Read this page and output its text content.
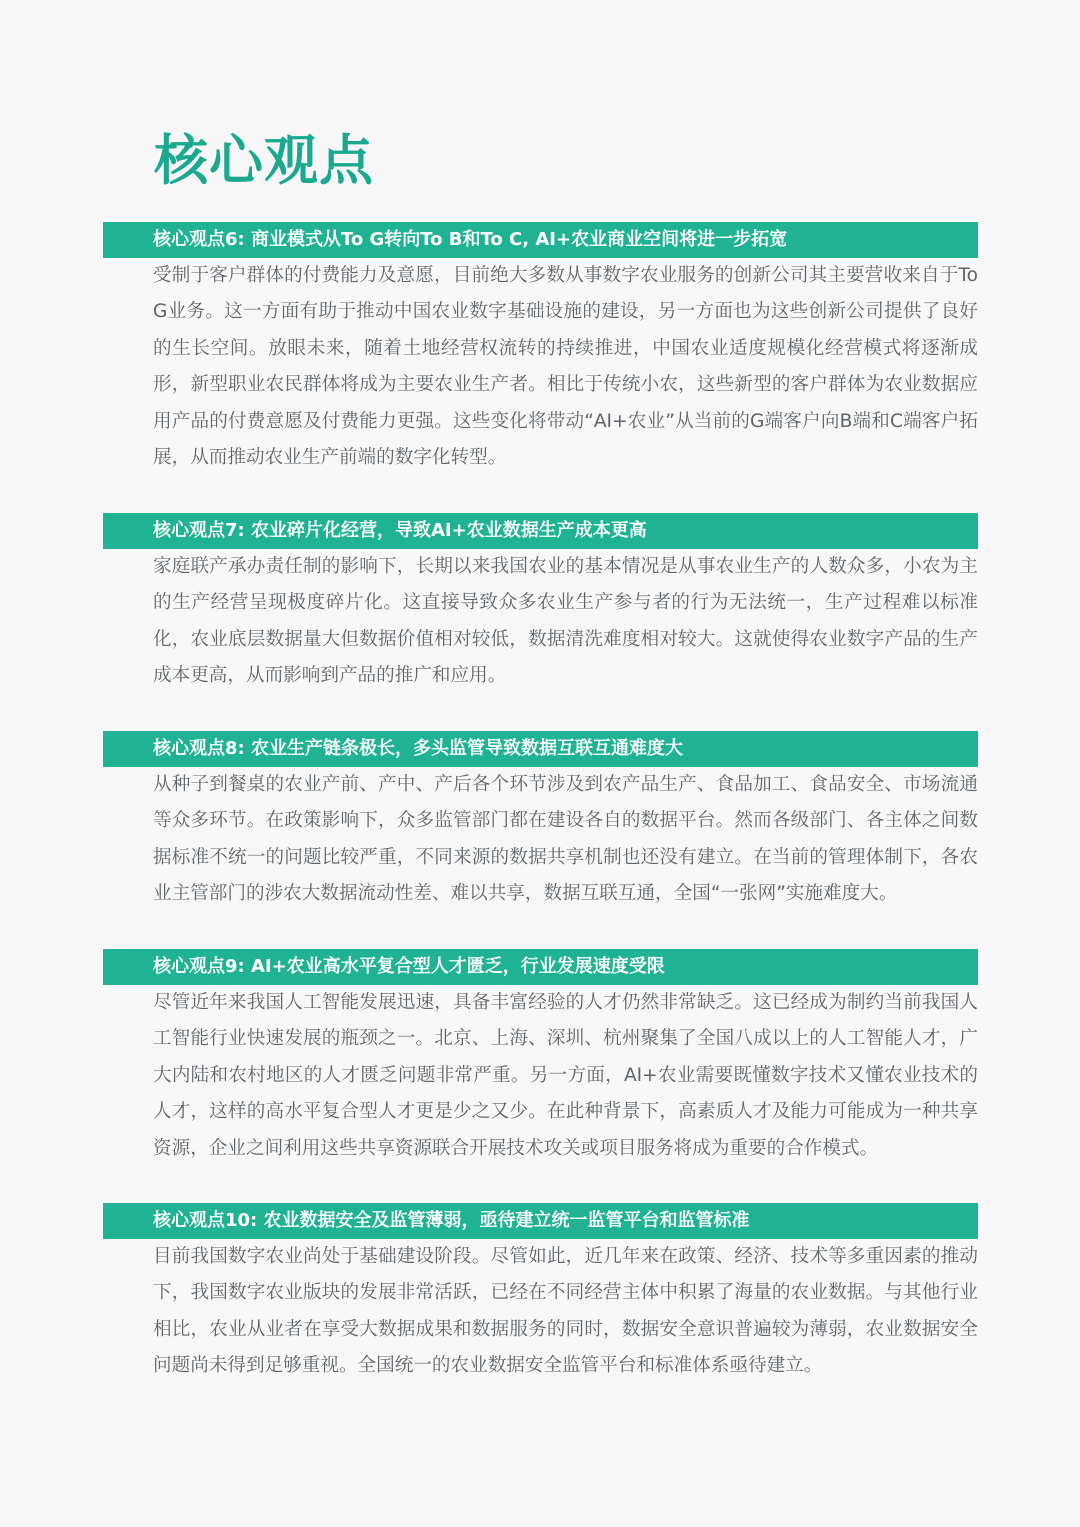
核心观点
核心观点6: 商业模式从To G转向To B和To C, AI+农业商业空间将进一步拓宽

受制于客户群体的付费能力及意愿，目前绝大多数从事数字农业服务的创新公司其主要营收来自于To G业务。这一方面有助于推动中国农业数字基础设施的建设，另一方面也为这些创新公司提供了良好的生长空间。放眼未来，随着土地经营权流转的持续推进，中国农业适度规模化经营模式将逐渐成形，新型职业农民群体将成为主要农业生产者。相比于传统小农，这些新型的客户群体为农业数据应用产品的付费意愿及付费能力更强。这些变化将带动“AI+农业”从当前的G端客户向B端和C端客户拓展，从而推动农业生产前端的数字化转型。

核心观点7: 农业碎片化经营，导致AI+农业数据生产成本更高

家庭联产承办责任制的影响下，长期以来我国农业的基本情况是从事农业生产的人数众多，小农为主的生产经营呈现极度碎片化。这直接导致众多农业生产参与者的行为无法统一，生产过程难以标准化，农业底层数据量大但数据价值相对较低，数据清洗难度相对较大。这就使得农业数字产品的生产成本更高，从而影响到产品的推广和应用。

核心观点8: 农业生产链条极长，多头监管导致数据互联互通难度大

从种子到餐桌的农业产前、产中、产后各个环节涉及到农产品生产、食品加工、食品安全、市场流通等众多环节。在政策影响下，众多监管部门都在建设各自的数据平台。然而各级部门、各主体之间数据标准不统一的问题比较严重，不同来源的数据共享机制也还没有建立。在当前的管理体制下，各农业主管部门的涉农大数据流动性差、难以共享，数据互联互通，全国“一张网”实施难度大。

核心观点9: AI+农业高水平复合型人才匮乏，行业发展速度受限

尽管近年来我国人工智能发展迅速，具备丰富经验的人才仍然非常缺乏。这已经成为制约当前我国人工智能行业快速发展的瓶颈之一。北京、上海、深圳、杭州聚集了全国八成以上的人工智能人才，广大内陆和农村地区的人才匮乏问题非常严重。另一方面，AI+农业需要既懂数字技术又懂农业技术的人才，这样的高水平复合型人才更是少之又少。在此种背景下，高素质人才及能力可能成为一种共享资源，企业之间利用这些共享资源联合开展技术攻关或项目服务将成为重要的合作模式。

核心观点10: 农业数据安全及监管薄弱，亟待建立统一监管平台和监管标准

目前我国数字农业尚处于基础建设阶段。尽管如此，近几年来在政策、经济、技术等多重因素的推动下，我国数字农业版块的发展非常活跃，已经在不同经营主体中积累了海量的农业数据。与其他行业相比，农业从业者在享受大数据成果和数据服务的同时，数据安全意识普遍较为薄弱，农业数据安全问题尚未得到足够重视。全国统一的农业数据安全监管平台和标准体系亟待建立。
